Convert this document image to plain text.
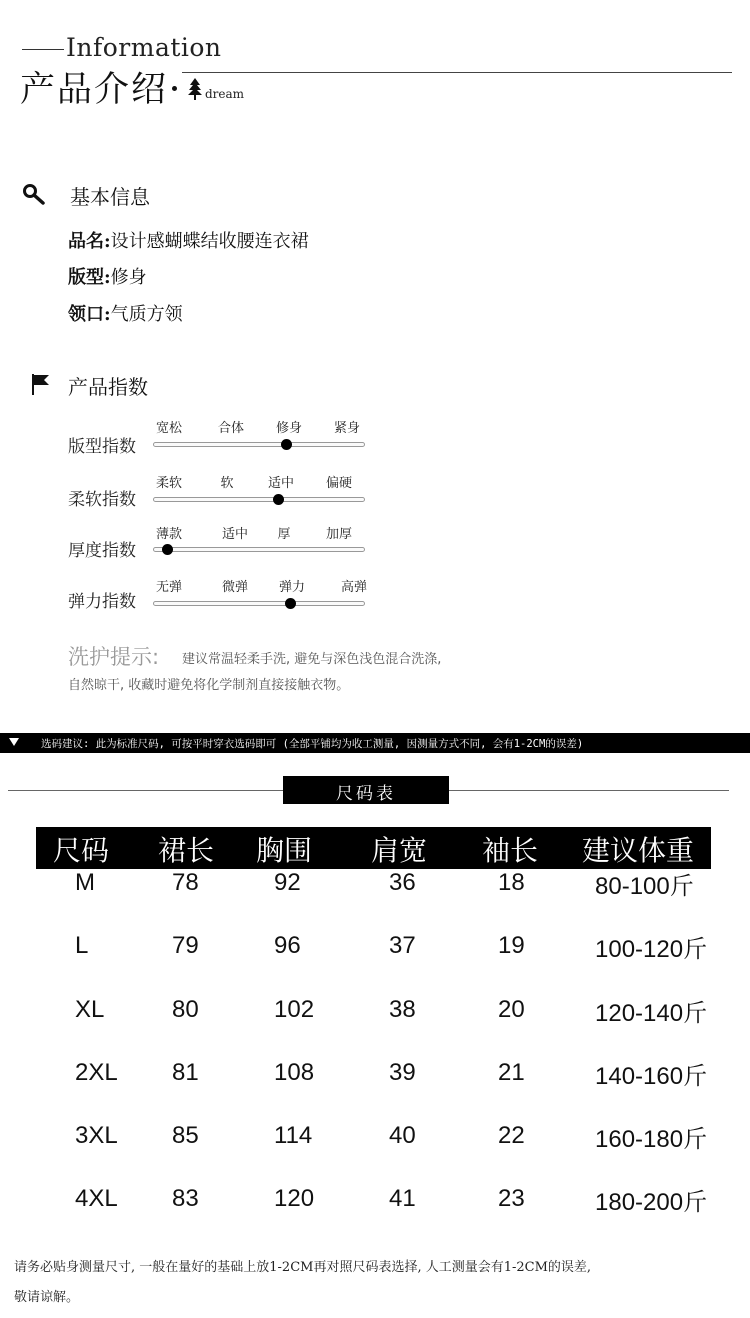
Information
产品介绍	dream
基本信息
品名:设计感蝴蝶结收腰连衣裙
版型:修身
领口:气质方领
产品指数
版型指数
宽松	合体	修身	紧身
柔软指数
柔软	软	适中	偏硬
厚度指数
薄款	适中	厚	加厚
弹力指数
无弹	微弹	弹力	高弹
洗护提示: 建议常温轻柔手洗, 避免与深色浅色混合洗涤,
自然晾干, 收藏时避免将化学制剂直接接触衣物。
选码建议: 此为标准尺码, 可按平时穿衣选码即可 (全部平铺均为收工测量, 因测量方式不同, 会有1-2CM的误差)
尺码表
尺码 裙长 胸围 肩宽 袖长 建议体重
M	78	92	36	18	80-100斤
L	79	96	37	19	100-120斤
XL	80	102	38	20	120-140斤
2XL 81	108	39	21	140-160斤
3XL 85	114	40	22	160-180斤
4XL 83	120	41	23	180-200斤
请务必贴身测量尺寸, 一般在量好的基础上放1-2CM再对照尺码表选择, 人工测量会有1-2CM的误差,
敬请谅解。
